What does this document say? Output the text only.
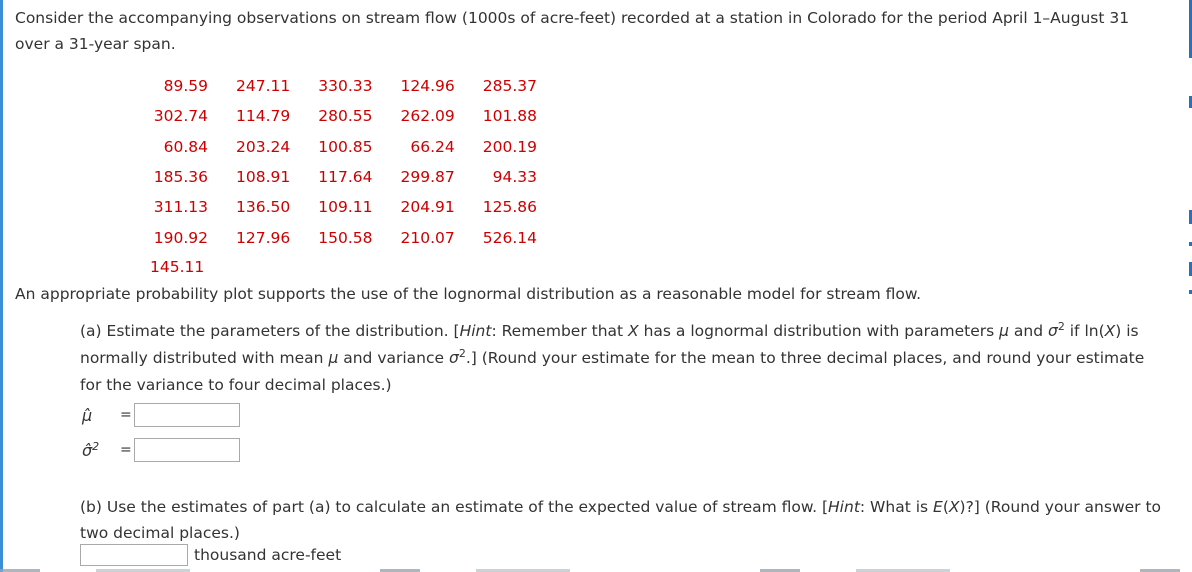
Consider the accompanying observations on stream flow (1000s of acre-feet) recorded at a station in Colorado for the period April 1–August 31 over a 31-year span.
89.59	247.11	330.33	124.96	285.37
302.74	114.79	280.55	262.09	101.88
60.84	203.24	100.85	66.24	200.19
185.36	108.91	117.64	299.87	94.33
311.13	136.50	109.11	204.91	125.86
190.92	127.96	150.58	210.07	526.14
145.11
An appropriate probability plot supports the use of the lognormal distribution as a reasonable model for stream flow.
(a) Estimate the parameters of the distribution. [Hint: Remember that X has a lognormal distribution with parameters μ and $\sigma^2$ if ln(X) is normally distributed with mean μ and variance $\sigma^2$.] (Round your estimate for the mean to three decimal places, and round your estimate for the variance to four decimal places.)
μ̂	=
σ̂$^2$	=
(b) Use the estimates of part (a) to calculate an estimate of the expected value of stream flow. [Hint: What is E(X)?] (Round your answer to two decimal places.)
thousand acre-feet
